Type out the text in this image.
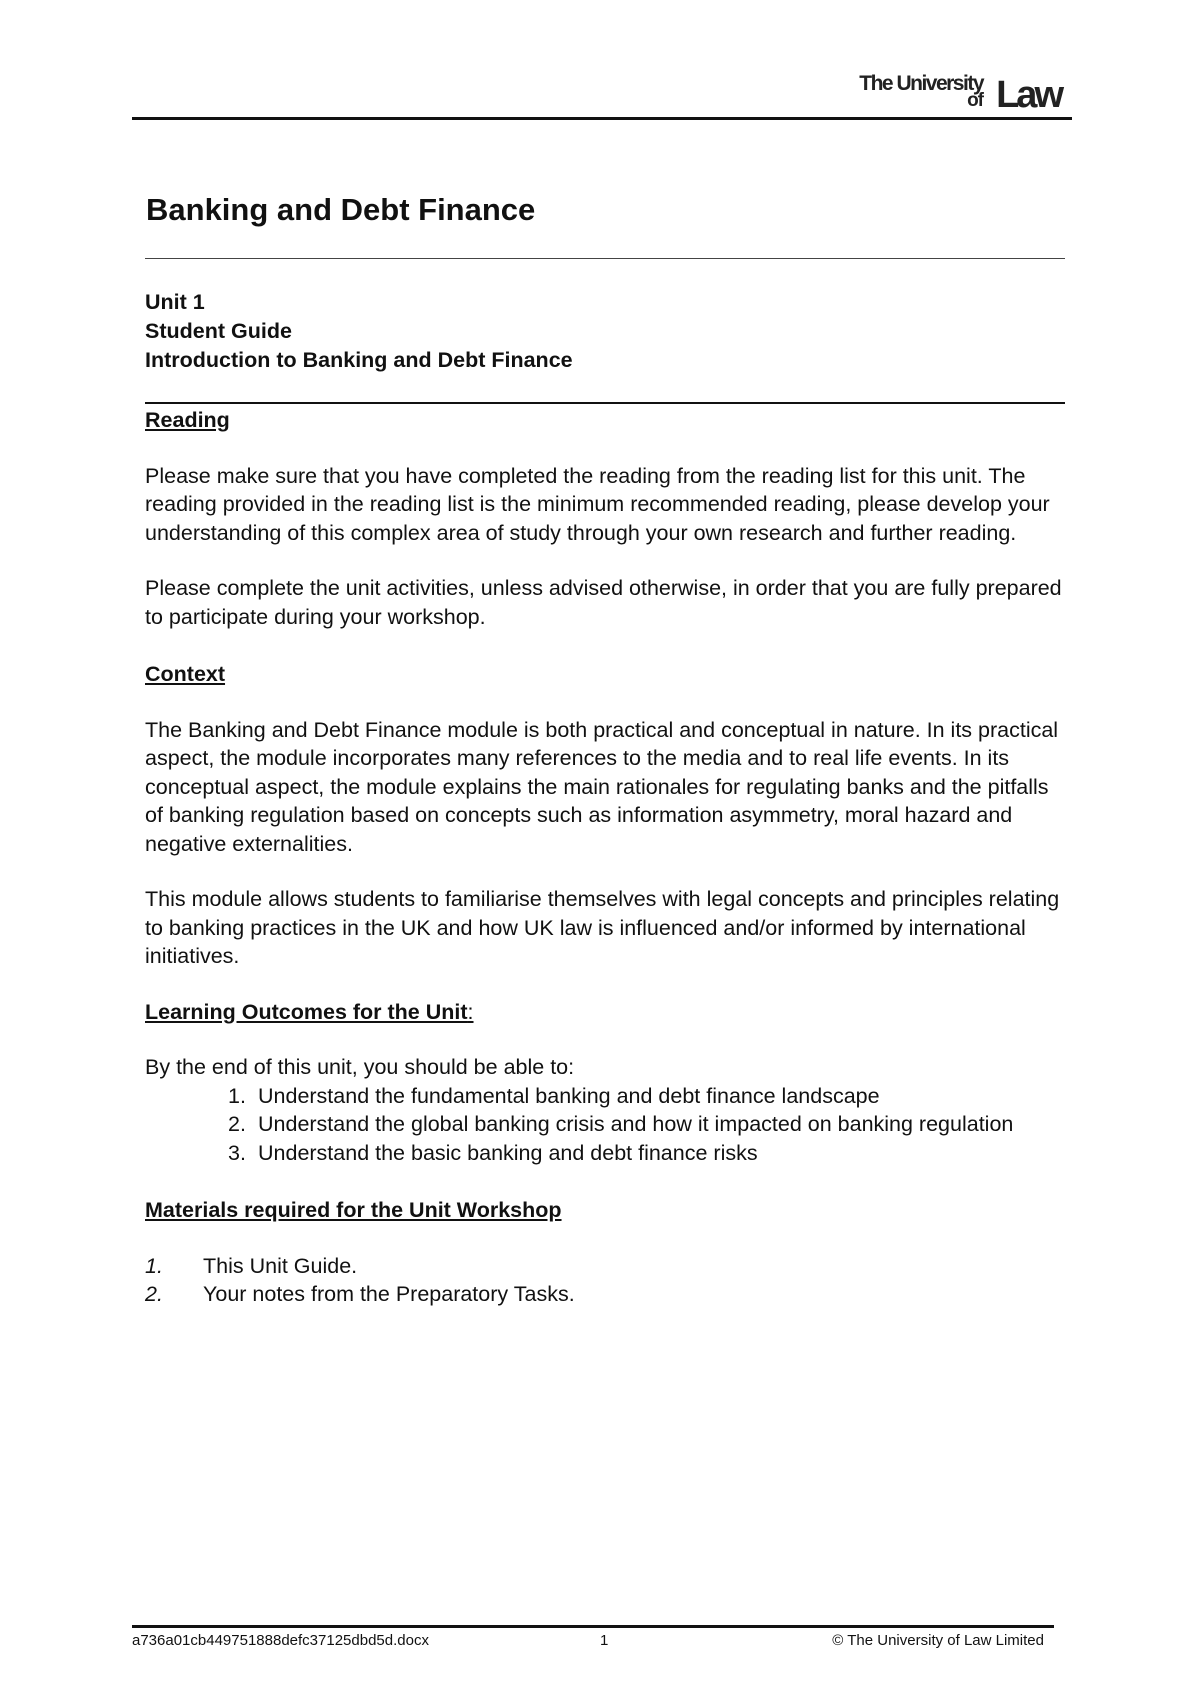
The University
of Law
Banking and Debt Finance
Unit 1
Student Guide
Introduction to Banking and Debt Finance

Reading

Please make sure that you have completed the reading from the reading list for this unit. The reading provided in the reading list is the minimum recommended reading, please develop your understanding of this complex area of study through your own research and further reading.

Please complete the unit activities, unless advised otherwise, in order that you are fully prepared to participate during your workshop.

Context

The Banking and Debt Finance module is both practical and conceptual in nature. In its practical aspect, the module incorporates many references to the media and to real life events. In its conceptual aspect, the module explains the main rationales for regulating banks and the pitfalls of banking regulation based on concepts such as information asymmetry, moral hazard and negative externalities.

This module allows students to familiarise themselves with legal concepts and principles relating to banking practices in the UK and how UK law is influenced and/or informed by international initiatives.

Learning Outcomes for the Unit:

By the end of this unit, you should be able to:

1. Understand the fundamental banking and debt finance landscape
2. Understand the global banking crisis and how it impacted on banking regulation
3. Understand the basic banking and debt finance risks

Materials required for the Unit Workshop

1. This Unit Guide.
2. Your notes from the Preparatory Tasks.
a736a01cb449751888defc37125dbd5d.docx	1	© The University of Law Limited
